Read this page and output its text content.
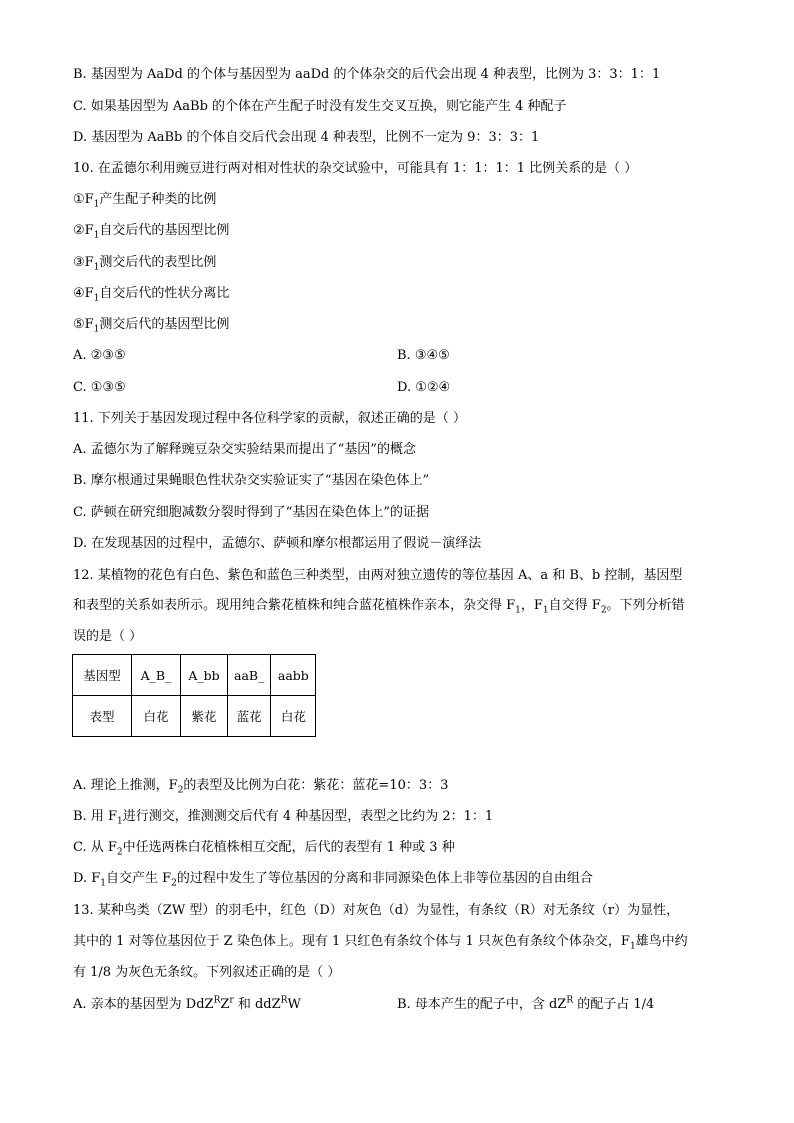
B. 基因型为 AaDd 的个体与基因型为 aaDd 的个体杂交的后代会出现 4 种表型，比例为 3：3：1：1
C. 如果基因型为 AaBb 的个体在产生配子时没有发生交叉互换，则它能产生 4 种配子
D. 基因型为 AaBb 的个体自交后代会出现 4 种表型，比例不一定为 9：3：3：1
10. 在孟德尔利用豌豆进行两对相对性状的杂交试验中，可能具有 1：1：1：1 比例关系的是（ ）
$①F_1$产生配子种类的比例
$②F_1$自交后代的基因型比例
$③F_1$测交后代的表型比例
$④F_1$自交后代的性状分离比
$⑤F_1$测交后代的基因型比例
A. ②③⑤	B. ③④⑤
C. ①③⑤	D. ①②④
11. 下列关于基因发现过程中各位科学家的贡献，叙述正确的是（ ）
A. 孟德尔为了解释豌豆杂交实验结果而提出了“基因”的概念
B. 摩尔根通过果蝇眼色性状杂交实验证实了“基因在染色体上”
C. 萨顿在研究细胞减数分裂时得到了“基因在染色体上”的证据
D. 在发现基因的过程中，孟德尔、萨顿和摩尔根都运用了假说－演绎法
12. 某植物的花色有白色、紫色和蓝色三种类型，由两对独立遗传的等位基因 A、a 和 B、b 控制，基因型
和表型的关系如表所示。现用纯合紫花植株和纯合蓝花植株作亲本，杂交得 $F_1$，$F_1$自交得 $F_2$。下列分析错
误的是（ ）
基因型	A_B_	A_bb	aaB_	aabb
表型	白花	紫花	蓝花	白花
A. 理论上推测，$F_2$的表型及比例为白花：紫花：蓝花=10：3：3
B. 用 $F_1$进行测交，推测测交后代有 4 种基因型，表型之比约为 2：1：1
C. 从 $F_2$中任选两株白花植株相互交配，后代的表型有 1 种或 3 种
D. $F_1$自交产生 $F_2$的过程中发生了等位基因的分离和非同源染色体上非等位基因的自由组合
13. 某种鸟类（ZW 型）的羽毛中，红色（D）对灰色（d）为显性，有条纹（R）对无条纹（r）为显性，
其中的 1 对等位基因位于 Z 染色体上。现有 1 只红色有条纹个体与 1 只灰色有条纹个体杂交，$F_1$雄鸟中约
有 1/8 为灰色无条纹。下列叙述正确的是（ ）
A. 亲本的基因型为 $DdZ^RZ^r$ 和 ddZ$^R$W	B. 母本产生的配子中，含 $dZ^R$ 的配子占 1/4
